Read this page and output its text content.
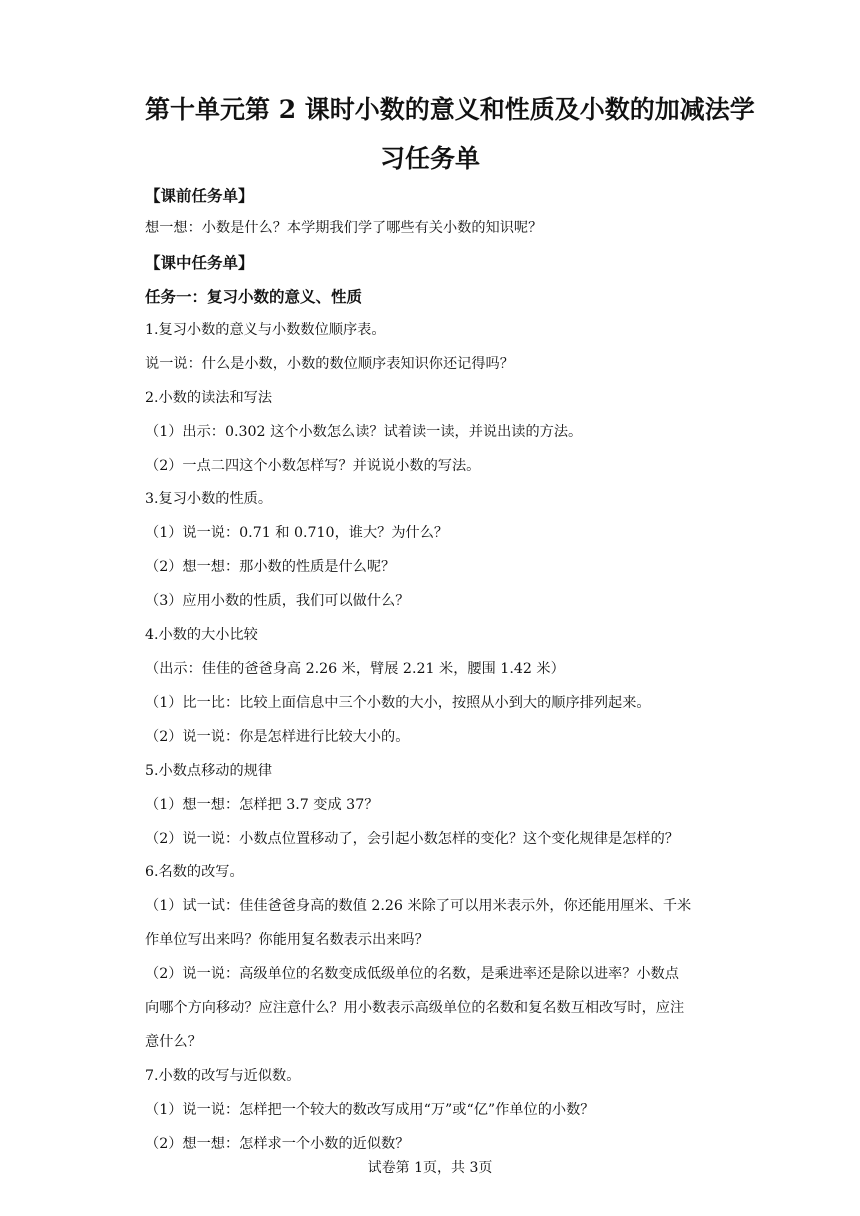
第十单元第 2 课时小数的意义和性质及小数的加减法学
习任务单
【课前任务单】
想一想：小数是什么？本学期我们学了哪些有关小数的知识呢？
【课中任务单】
任务一：复习小数的意义、性质
1.复习小数的意义与小数数位顺序表。
说一说：什么是小数，小数的数位顺序表知识你还记得吗？
2.小数的读法和写法
（1）出示：0.302 这个小数怎么读？试着读一读，并说出读的方法。
（2）一点二四这个小数怎样写？并说说小数的写法。
3.复习小数的性质。
（1）说一说：0.71 和 0.710，谁大？为什么？
（2）想一想：那小数的性质是什么呢？
（3）应用小数的性质，我们可以做什么？
4.小数的大小比较
（出示：佳佳的爸爸身高 2.26 米，臂展 2.21 米，腰围 1.42 米）
（1）比一比：比较上面信息中三个小数的大小，按照从小到大的顺序排列起来。
（2）说一说：你是怎样进行比较大小的。
5.小数点移动的规律
（1）想一想：怎样把 3.7 变成 37？
（2）说一说：小数点位置移动了，会引起小数怎样的变化？这个变化规律是怎样的？
6.名数的改写。
（1）试一试：佳佳爸爸身高的数值 2.26 米除了可以用米表示外，你还能用厘米、千米
作单位写出来吗？你能用复名数表示出来吗？
（2）说一说：高级单位的名数变成低级单位的名数，是乘进率还是除以进率？小数点
向哪个方向移动？应注意什么？用小数表示高级单位的名数和复名数互相改写时，应注
意什么？
7.小数的改写与近似数。
（1）说一说：怎样把一个较大的数改写成用“万”或“亿”作单位的小数？
（2）想一想：怎样求一个小数的近似数？
试卷第 1页，共 3页
